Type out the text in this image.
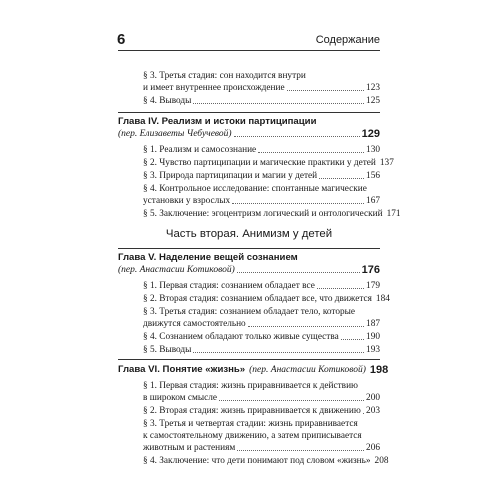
6	Содержание
§ 3. Третья стадия: сон находится внутри
и имеет внутреннее происхождение	123
§ 4. Выводы	125
Глава IV. Реализм и истоки партиципации
(пер. Елизаветы Чебучевой)	129
§ 1. Реализм и самосознание	130
§ 2. Чувство партиципации и магические практики у детей 137
§ 3. Природа партиципации и магии у детей	156
§ 4. Контрольное исследование: спонтанные магические
установки у взрослых	167
§ 5. Заключение: эгоцентризм логический и онтологический 171
Часть вторая. Анимизм у детей
Глава V. Наделение вещей сознанием
(пер. Анастасии Котиковой)	176
§ 1. Первая стадия: сознанием обладает все	179
§ 2. Вторая стадия: сознанием обладает все, что движется 184
§ 3. Третья стадия: сознанием обладает тело, которые
движутся самостоятельно	187
§ 4. Сознанием обладают только живые существа	190
§ 5. Выводы	193
Глава VI. Понятие «жизнь» (пер. Анастасии Котиковой) 198
§ 1. Первая стадия: жизнь приравнивается к действию
в широком смысле	200
§ 2. Вторая стадия: жизнь приравнивается к движению 203
§ 3. Третья и четвертая стадии: жизнь приравнивается
к самостоятельному движению, а затем приписывается
животным и растениям	206
§ 4. Заключение: что дети понимают под словом «жизнь» 208
